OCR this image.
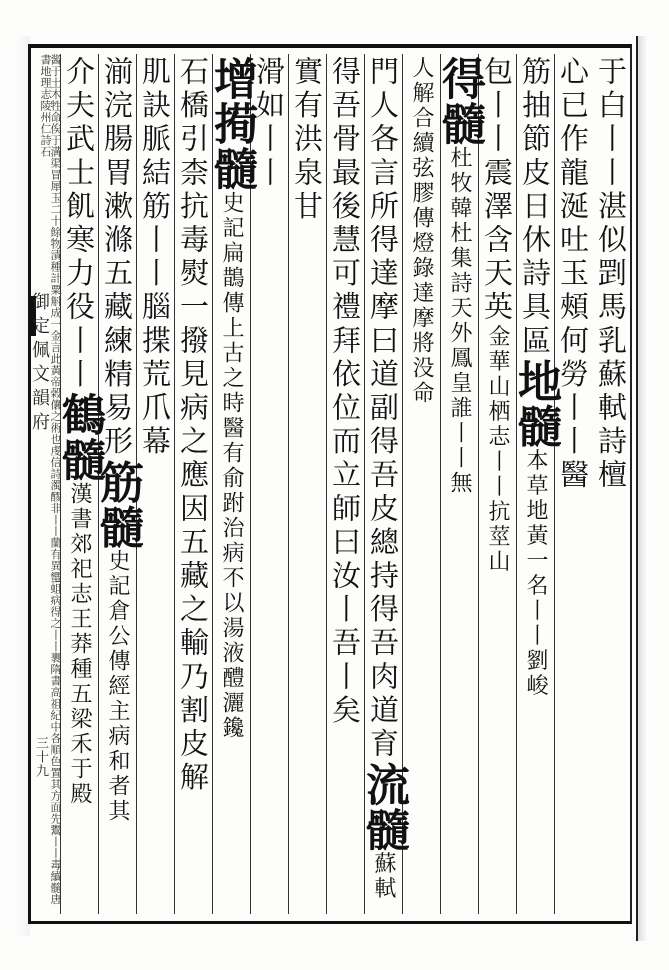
御定佩文韻府
三十九
于白丨丨湛似㓻馬乳蘇軾詩檀
心已作龍涎吐玉頰何勞丨丨醫
筋抽節皮日休詩具區地髓本草地黃一名丨丨劉峻
包丨丨震澤含天英金華山栖志丨丨抗莖山
得髓杜牧韓杜集詩天外鳳皇誰丨丨無
人解合續弦膠傳燈錄達摩將没命
門人各言所得達摩曰道副得吾皮總持得吾肉道育流髓蘇軾
得吾骨最後慧可禮拜依位而立師曰汝丨吾丨矣
實有洪泉甘
滑如丨丨
增㨚髓史記扁鵲傳上古之時醫有俞跗治病不以湯液醴灑鑱
石橋引柰抗毒熨一撥見病之應因五藏之輸乃割皮解
肌訣脈結筋丨丨腦揲荒爪幕
湔浣腸胃漱滌五藏練精易形筋髓史記倉公傳經主病和者其
介夫武士飢寒力役丨丨鶴髓漢書郊祀志王莽種五梁禾于殿
酱于土木牲命俟于溝渠冒犀玉二十餘物漬種計粟斛成一金言此黃帝榖儴之術也虔信詩濁醪非丨丨蘭有異蠁蛆病得之丨丨裹隋書高祖紀中各順色置其方面先鬻丨丨毒續髓唐書地理志陵州仁詩石
